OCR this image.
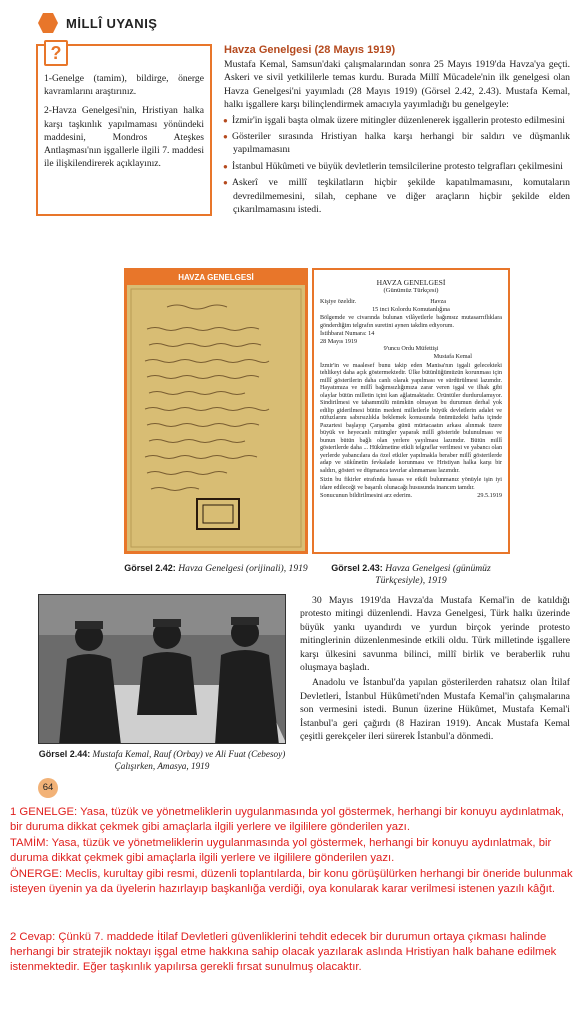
MİLLÎ UYANIŞ
?

1-Genelge (tamim), bildirge, önerge kavramlarını araştırınız.

2-Havza Genelgesi'nin, Hristiyan halka karşı taşkınlık yapılmaması yönündeki maddesini, Mondros Ateşkes Antlaşması'nın işgallerle ilgili 7. maddesi ile ilişkilendirerek açıklayınız.

Havza Genelgesi (28 Mayıs 1919)

Mustafa Kemal, Samsun'daki çalışmalarından sonra 25 Mayıs 1919'da Havza'ya geçti. Askeri ve sivil yetkililerle temas kurdu. Burada Millî Mücadele'nin ilk genelgesi olan Havza Genelgesi'ni yayımladı (28 Mayıs 1919) (Görsel 2.42, 2.43). Mustafa Kemal, halkı işgallere karşı bilinçlendirmek amacıyla yayımladığı bu genelgeyle:

● İzmir'in işgali başta olmak üzere mitingler düzenlenerek işgallerin protesto edilmesini
● Gösteriler sırasında Hristiyan halka karşı herhangi bir saldırı ve düşmanlık yapılmamasını
● İstanbul Hükûmeti ve büyük devletlerin temsilcilerine protesto telgrafları çekilmesini
● Askerî ve millî teşkilatların hiçbir şekilde kapatılmamasını, komutaların devredilmemesini, silah, cephane ve diğer araçların hiçbir şekilde elden çıkarılmamasını istedi.
HAVZA GENELGESİ
HAVZA GENELGESİ
(Günümüz Türkçesi)
Kişiye özeldir.	Havza
15 inci Kolordu Komutanlığına
Bölgemde ve civarında bulunan vilâyetlerle bağımsız mutasarrıflıklara gönderdiğim telgrafın suretini aynen takdim ediyorum.
İstihbarat Numara: 14
28 Mayıs 1919
9'uncu Ordu Müfettişi
Mustafa Kemal
İzmir'in ve maalesef bunu takip eden Manisa'nın işgali gelecekteki tehlikeyi daha açık göstermektedir. Ülke bütünlüğümüzün korunması için millî gösterilerin daha canlı olarak yapılması ve sürdürülmesi lazımdır. Hayatımıza ve millî bağımsızlığımıza zarar veren işgal ve ilhak gibi olaylar bütün milletin içini kan ağlatmaktadır. Ürüntüler durdurulamıyor. Sindirilmesi ve tahammülü mümkün olmayan bu durumun derhal yok edilip giderilmesi bütün medeni milletlerle büyük devletlerin adalet ve nüfuzlarını sabırsızlıkla beklemek konusunda önümüzdeki hafta içinde Pazartesi başlayıp Çarşamba günü mürtacaatın arkası alınmak üzere büyük ve heyecanlı mitingler yaparak millî gösteride bulunulması ve bunun bütün bağlı olan yerlere yayılması lazımdır. Bütün millî gösterilerde daha ... Hükûmetine etkili telgraflar verilmesi ve yabancı olan yerlerde yabancılara da özel etkiler yapılmakla beraber millî gösterilerde adap ve sükûnetin fevkalade korunması ve Hristiyan halka karşı bir saldırı, gösteri ve düşmanca tavırlar alınmaması lazımdır.
Sizin bu fikirler etrafında hassas ve etkili bulunmanız yönüyle işin iyi idare edileceği ve başarılı olunacağı hususunda inancım tamdır.
Sonucunun bildirilmesini arz ederim.	29.5.1919
Görsel 2.42: Havza Genelgesi (orijinali), 1919	Görsel 2.43: Havza Genelgesi (günümüz Türkçesiyle), 1919
Görsel 2.44: Mustafa Kemal, Rauf (Orbay) ve Ali Fuat (Cebesoy) Çalışırken, Amasya, 1919

30 Mayıs 1919'da Havza'da Mustafa Kemal'in de katıldığı protesto mitingi düzenlendi. Havza Genelgesi, Türk halkı üzerinde büyük yankı uyandırdı ve yurdun birçok yerinde protesto mitinglerinin düzenlenmesinde etkili oldu. Türk milletinde işgallere karşı ülkesini savunma bilinci, millî birlik ve beraberlik ruhu oluşmaya başladı.

Anadolu ve İstanbul'da yapılan gösterilerden rahatsız olan İtilaf Devletleri, İstanbul Hükûmeti'nden Mustafa Kemal'in çalışmalarına son vermesini istedi. Bunun üzerine Hükûmet, Mustafa Kemal'i İstanbul'a geri çağırdı (8 Haziran 1919). Ancak Mustafa Kemal çeşitli gerekçeler ileri sürerek İstanbul'a dönmedi.

64
1 GENELGE: Yasa, tüzük ve yönetmeliklerin uygulanmasında yol göstermek, herhangi bir konuyu aydınlatmak, bir duruma dikkat çekmek gibi amaçlarla ilgili yerlere ve ilgililere gönderilen yazı.
TAMİM: Yasa, tüzük ve yönetmeliklerin uygulanmasında yol göstermek, herhangi bir konuyu aydınlatmak, bir duruma dikkat çekmek gibi amaçlarla ilgili yerlere ve ilgililere gönderilen yazı.
ÖNERGE: Meclis, kurultay gibi resmi, düzenli toplantılarda, bir konu görüşülürken herhangi bir öneride bulunmak isteyen üyenin ya da üyelerin hazırlayıp başkanlığa verdiği, oya konularak karar verilmesi istenen yazılı kâğıt.
2 Cevap: Çünkü 7. maddede İtilaf Devletleri güvenliklerini tehdit edecek bir durumun ortaya çıkması halinde herhangi bir stratejik noktayı işgal etme hakkına sahip olacak yazılarak aslında Hristiyan halk bahane edilmek istenmektedir. Eğer taşkınlık yapılırsa gerekli fırsat sunulmuş olacaktır.
